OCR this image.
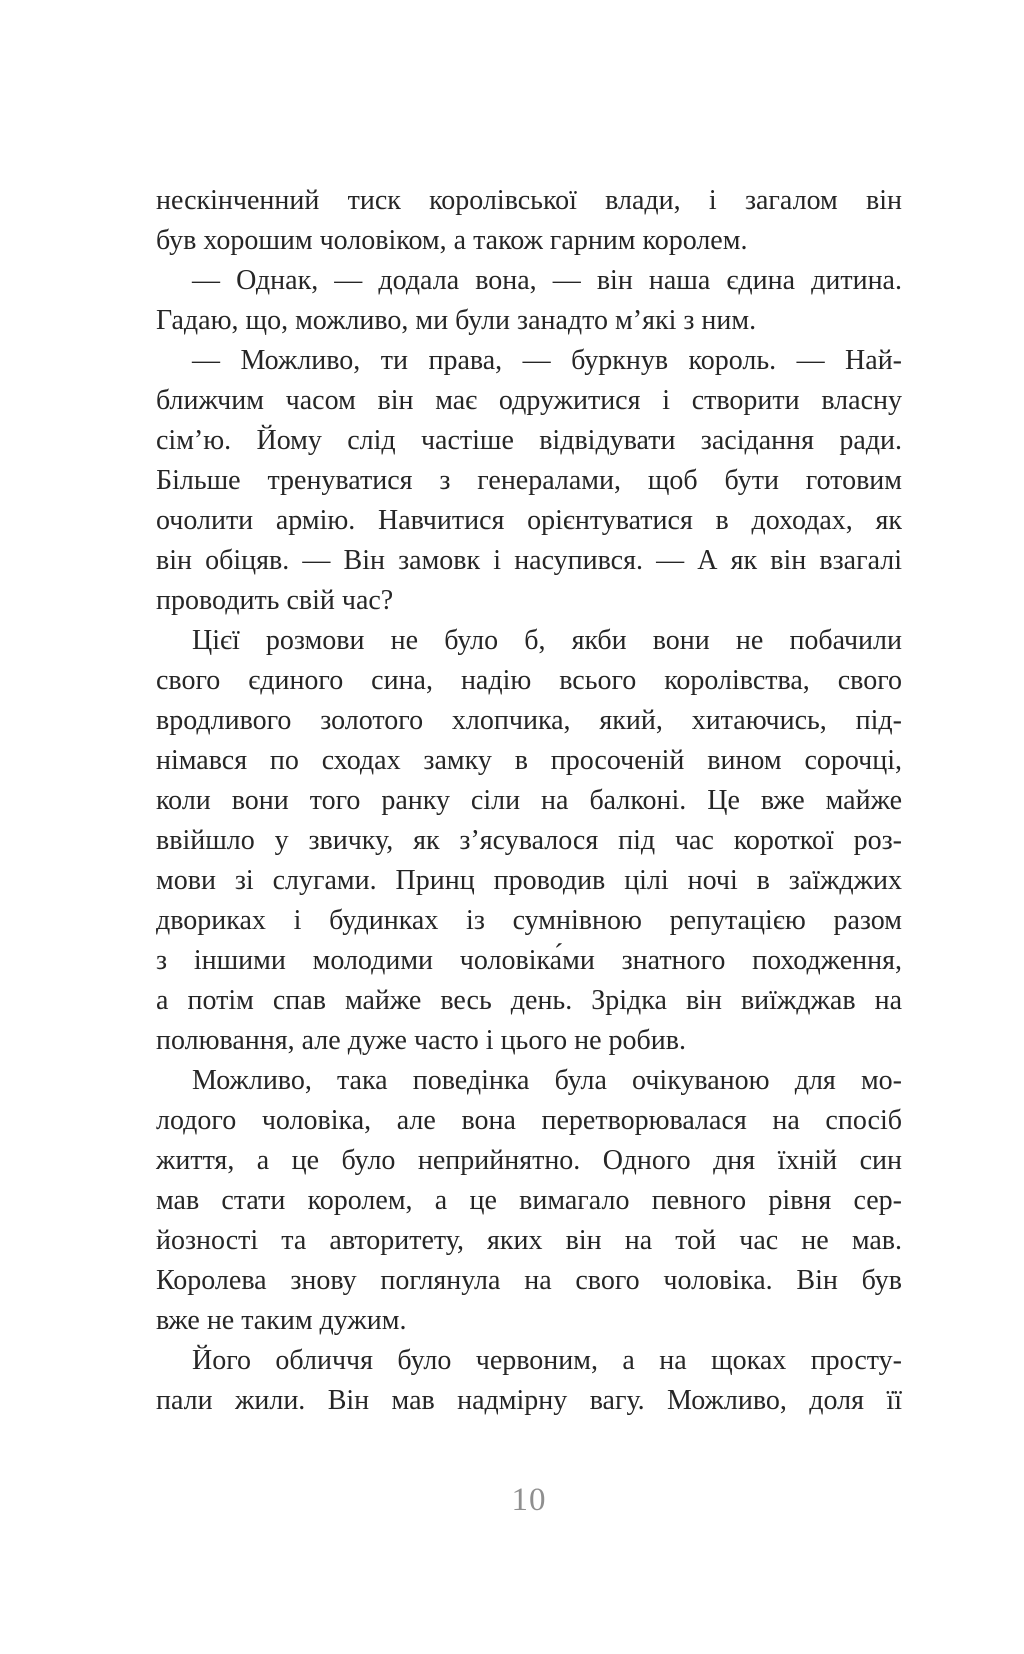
нескінченний тиск королівської влади, і загалом він
був хорошим чоловіком, а також гарним королем.
— Однак, — додала вона, — він наша єдина дитина.
Гадаю, що, можливо, ми були занадто м’які з ним.
— Можливо, ти права, — буркнув король. — Най-
ближчим часом він має одружитися і створити власну
сім’ю. Йому слід частіше відвідувати засідання ради.
Більше тренуватися з генералами, щоб бути готовим
очолити армію. Навчитися орієнтуватися в доходах, як
він обіцяв. — Він замовк і насупився. — А як він взагалі
проводить свій час?
Цієї розмови не було б, якби вони не побачили
свого єдиного сина, надію всього королівства, свого
вродливого золотого хлопчика, який, хитаючись, під-
німався по сходах замку в просоченій вином сорочці,
коли вони того ранку сіли на балконі. Це вже майже
ввійшло у звичку, як з’ясувалося під час короткої роз-
мови зі слугами. Принц проводив цілі ночі в заїжджих
двориках і будинках із сумнівною репутацією разом
з іншими молодими чоловіка́ми знатного походження,
а потім спав майже весь день. Зрідка він виїжджав на
полювання, але дуже часто і цього не робив.
Можливо, така поведінка була очікуваною для мо-
лодого чоловіка, але вона перетворювалася на спосіб
життя, а це було неприйнятно. Одного дня їхній син
мав стати королем, а це вимагало певного рівня сер-
йозності та авторитету, яких він на той час не мав.
Королева знову поглянула на свого чоловіка. Він був
вже не таким дужим.
Його обличчя було червоним, а на щоках просту-
пали жили. Він мав надмірну вагу. Можливо, доля її
10
